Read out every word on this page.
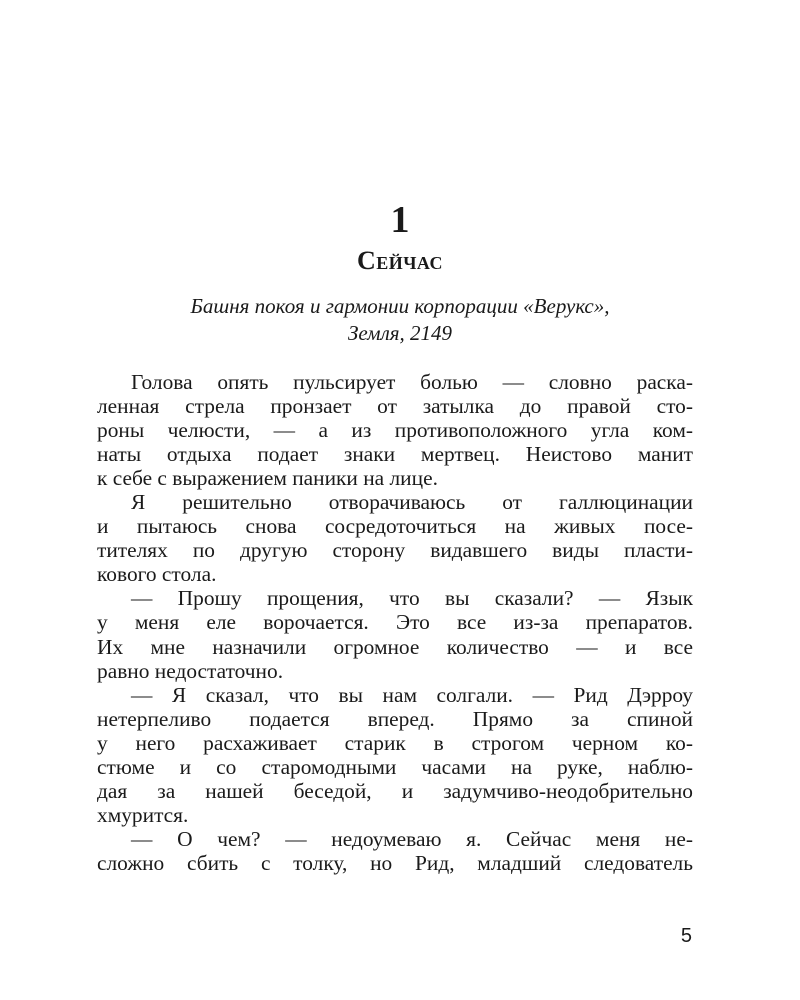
1
Сейчас
Башня покоя и гармонии корпорации «Верукс»,
Земля, 2149
Голова опять пульсирует болью — словно раска-
ленная стрела пронзает от затылка до правой сто-
роны челюсти, — а из противоположного угла ком-
наты отдыха подает знаки мертвец. Неистово манит
к себе с выражением паники на лице.
Я решительно отворачиваюсь от галлюцинации
и пытаюсь снова сосредоточиться на живых посе-
тителях по другую сторону видавшего виды пласти-
кового стола.
— Прошу прощения, что вы сказали? — Язык
у меня еле ворочается. Это все из-за препаратов.
Их мне назначили огромное количество — и все
равно недостаточно.
— Я сказал, что вы нам солгали. — Рид Дэрроу
нетерпеливо подается вперед. Прямо за спиной
у него расхаживает старик в строгом черном ко-
стюме и со старомодными часами на руке, наблю-
дая за нашей беседой, и задумчиво-неодобрительно
хмурится.
— О чем? — недоумеваю я. Сейчас меня не-
сложно сбить с толку, но Рид, младший следователь
5
